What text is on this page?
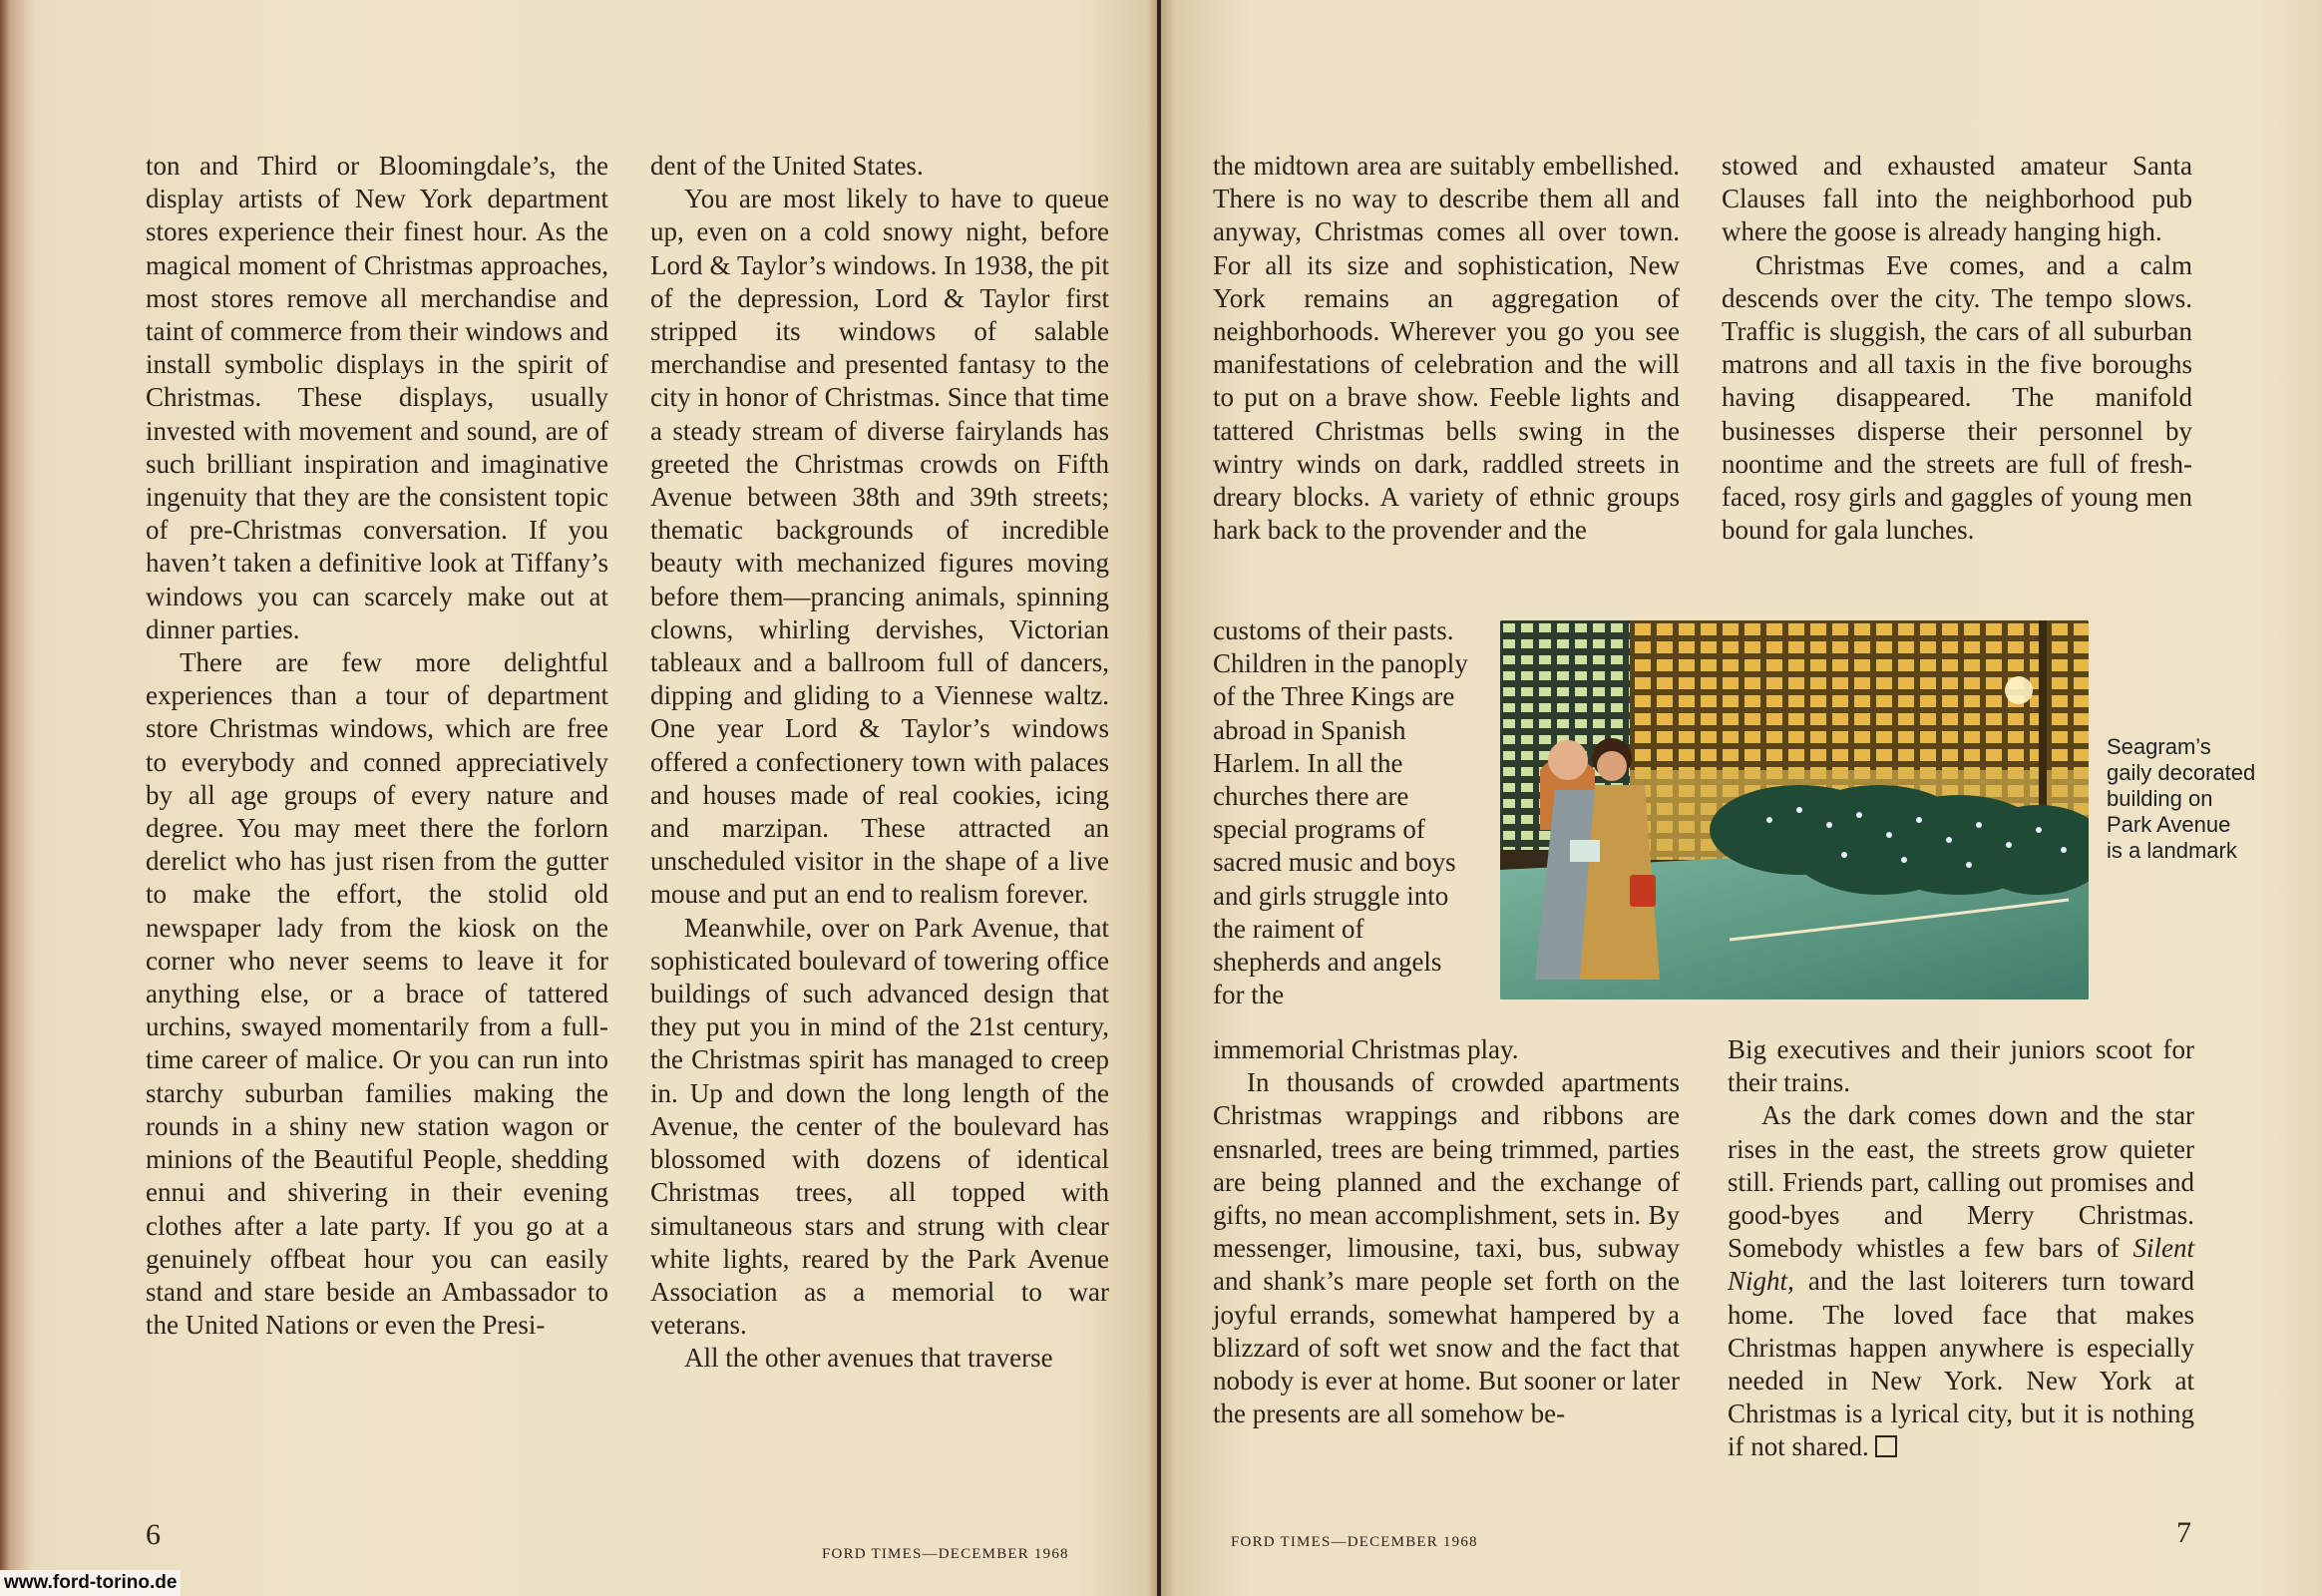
ton and Third or Bloomingdale’s, the display artists of New York department stores experience their finest hour. As the magical moment of Christmas approaches, most stores remove all merchandise and taint of commerce from their windows and install symbolic displays in the spirit of Christmas. These displays, usually invested with movement and sound, are of such brilliant inspiration and imaginative ingenuity that they are the consistent topic of pre-Christmas conversation. If you haven’t taken a definitive look at Tiffany’s windows you can scarcely make out at dinner parties.

There are few more delightful experiences than a tour of department store Christmas windows, which are free to everybody and conned appreciatively by all age groups of every nature and degree. You may meet there the forlorn derelict who has just risen from the gutter to make the effort, the stolid old newspaper lady from the kiosk on the corner who never seems to leave it for anything else, or a brace of tattered urchins, swayed momentarily from a full-time career of malice. Or you can run into starchy suburban families making the rounds in a shiny new station wagon or minions of the Beautiful People, shedding ennui and shivering in their evening clothes after a late party. If you go at a genuinely offbeat hour you can easily stand and stare beside an Ambassador to the United Nations or even the Presi-

dent of the United States.

You are most likely to have to queue up, even on a cold snowy night, before Lord & Taylor’s windows. In 1938, the pit of the depression, Lord & Taylor first stripped its windows of salable merchandise and presented fantasy to the city in honor of Christmas. Since that time a steady stream of diverse fairylands has greeted the Christmas crowds on Fifth Avenue between 38th and 39th streets; thematic backgrounds of incredible beauty with mechanized figures moving before them—prancing animals, spinning clowns, whirling dervishes, Victorian tableaux and a ballroom full of dancers, dipping and gliding to a Viennese waltz. One year Lord & Taylor’s windows offered a confectionery town with palaces and houses made of real cookies, icing and marzipan. These attracted an unscheduled visitor in the shape of a live mouse and put an end to realism forever.

Meanwhile, over on Park Avenue, that sophisticated boulevard of towering office buildings of such advanced design that they put you in mind of the 21st century, the Christmas spirit has managed to creep in. Up and down the long length of the Avenue, the center of the boulevard has blossomed with dozens of identical Christmas trees, all topped with simultaneous stars and strung with clear white lights, reared by the Park Avenue Association as a memorial to war veterans.

All the other avenues that traverse

6
FORD TIMES—DECEMBER 1968
www.ford-torino.de

the midtown area are suitably embellished. There is no way to describe them all and anyway, Christmas comes all over town. For all its size and sophistication, New York remains an aggregation of neighborhoods. Wherever you go you see manifestations of celebration and the will to put on a brave show. Feeble lights and tattered Christmas bells swing in the wintry winds on dark, raddled streets in dreary blocks. A variety of ethnic groups hark back to the provender and the

customs of their pasts. Children in the panoply of the Three Kings are abroad in Spanish Harlem. In all the churches there are special programs of sacred music and boys and girls struggle into the raiment of shepherds and angels for the

immemorial Christmas play.

In thousands of crowded apartments Christmas wrappings and ribbons are ensnarled, trees are being trimmed, parties are being planned and the exchange of gifts, no mean accomplishment, sets in. By messenger, limousine, taxi, bus, subway and shank’s mare people set forth on the joyful errands, somewhat hampered by a blizzard of soft wet snow and the fact that nobody is ever at home. But sooner or later the presents are all somehow be-

stowed and exhausted amateur Santa Clauses fall into the neighborhood pub where the goose is already hanging high.

Christmas Eve comes, and a calm descends over the city. The tempo slows. Traffic is sluggish, the cars of all suburban matrons and all taxis in the five boroughs having disappeared. The manifold businesses disperse their personnel by noontime and the streets are full of fresh-faced, rosy girls and gaggles of young men bound for gala lunches.

Big executives and their juniors scoot for their trains.

As the dark comes down and the star rises in the east, the streets grow quieter still. Friends part, calling out promises and good-byes and Merry Christmas. Somebody whistles a few bars of Silent Night, and the last loiterers turn toward home. The loved face that makes Christmas happen anywhere is especially needed in New York. New York at Christmas is a lyrical city, but it is nothing if not shared.

Seagram’s
gaily decorated
building on
Park Avenue
is a landmark
FORD TIMES—DECEMBER 1968	7
